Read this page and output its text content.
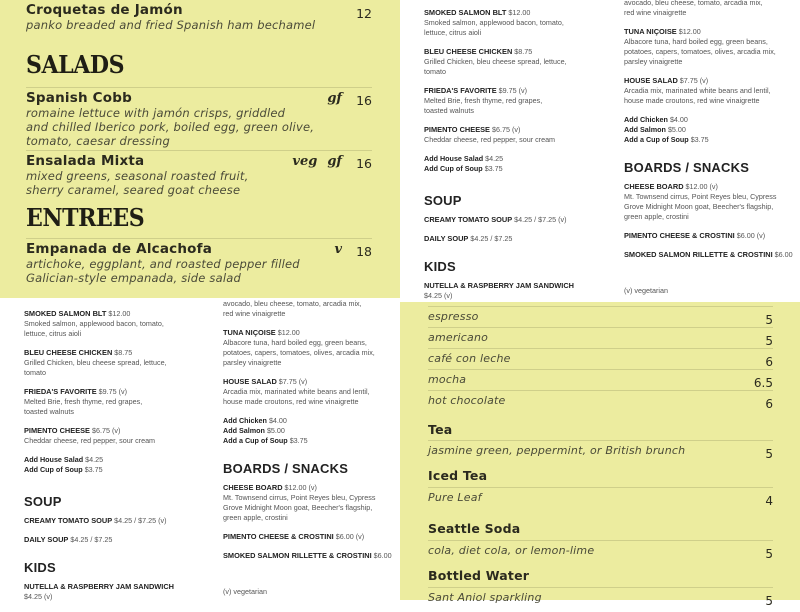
Croquetas de Jamón	12
panko breaded and fried Spanish ham bechamel
SALADS
Spanish Cobb	gf 16
romaine lettuce with jamón crisps, griddled
and chilled Iberico pork, boiled egg, green olive,
tomato, caesar dressing
Ensalada Mixta	veg gf 16
mixed greens, seasonal roasted fruit,
sherry caramel, seared goat cheese
ENTREES
Empanada de Alcachofa	v 18
artichoke, eggplant, and roasted pepper filled
Galician-style empanada, side salad
SMOKED SALMON BLT $12.00
Smoked salmon, applewood bacon, tomato,
lettuce, citrus aioli
BLEU CHEESE CHICKEN $8.75
Grilled Chicken, bleu cheese spread, lettuce,
tomato
FRIEDA'S FAVORITE $9.75 (v)
Melted Brie, fresh thyme, red grapes,
toasted walnuts
PIMENTO CHEESE $6.75 (v)
Cheddar cheese, red pepper, sour cream
Add House Salad $4.25
Add Cup of Soup $3.75
SOUP
CREAMY TOMATO SOUP $4.25 / $7.25 (v)
DAILY SOUP $4.25 / $7.25
KIDS
NUTELLA & RASPBERRY JAM SANDWICH
$4.25 (v)
avocado, bleu cheese, tomato, arcadia mix,
red wine vinaigrette
TUNA NIÇOISE $12.00
Albacore tuna, hard boiled egg, green beans,
potatoes, capers, tomatoes, olives, arcadia mix,
parsley vinaigrette
HOUSE SALAD $7.75 (v)
Arcadia mix, marinated white beans and lentil,
house made croutons, red wine vinaigrette
Add Chicken $4.00
Add Salmon $5.00
Add a Cup of Soup $3.75
BOARDS / SNACKS
CHEESE BOARD $12.00 (v)
Mt. Townsend cirrus, Point Reyes bleu, Cypress
Grove Midnight Moon goat, Beecher's flagship,
green apple, crostini
PIMENTO CHEESE & CROSTINI $6.00 (v)
SMOKED SALMON RILLETTE & CROSTINI $6.00
(v) vegetarian
SMOKED SALMON BLT $12.00
Smoked salmon, applewood bacon, tomato,
lettuce, citrus aioli
BLEU CHEESE CHICKEN $8.75
Grilled Chicken, bleu cheese spread, lettuce,
tomato
FRIEDA'S FAVORITE $9.75 (v)
Melted Brie, fresh thyme, red grapes,
toasted walnuts
PIMENTO CHEESE $6.75 (v)
Cheddar cheese, red pepper, sour cream
Add House Salad $4.25
Add Cup of Soup $3.75
SOUP
CREAMY TOMATO SOUP $4.25 / $7.25 (v)
DAILY SOUP $4.25 / $7.25
KIDS
NUTELLA & RASPBERRY JAM SANDWICH
$4.25 (v)
avocado, bleu cheese, tomato, arcadia mix,
red wine vinaigrette
TUNA NIÇOISE $12.00
Albacore tuna, hard boiled egg, green beans,
potatoes, capers, tomatoes, olives, arcadia mix,
parsley vinaigrette
HOUSE SALAD $7.75 (v)
Arcadia mix, marinated white beans and lentil,
house made croutons, red wine vinaigrette
Add Chicken $4.00
Add Salmon $5.00
Add a Cup of Soup $3.75
BOARDS / SNACKS
CHEESE BOARD $12.00 (v)
Mt. Townsend cirrus, Point Reyes bleu, Cypress
Grove Midnight Moon goat, Beecher's flagship,
green apple, crostini
PIMENTO CHEESE & CROSTINI $6.00 (v)
SMOKED SALMON RILLETTE & CROSTINI $6.00
(v) vegetarian
espresso	5
americano	5
café con leche	6
mocha	6.5
hot chocolate	6
Tea
jasmine green, peppermint, or British brunch	5
Iced Tea
Pure Leaf	4
Seattle Soda
cola, diet cola, or lemon-lime	5
Bottled Water
Sant Aniol sparkling	5
